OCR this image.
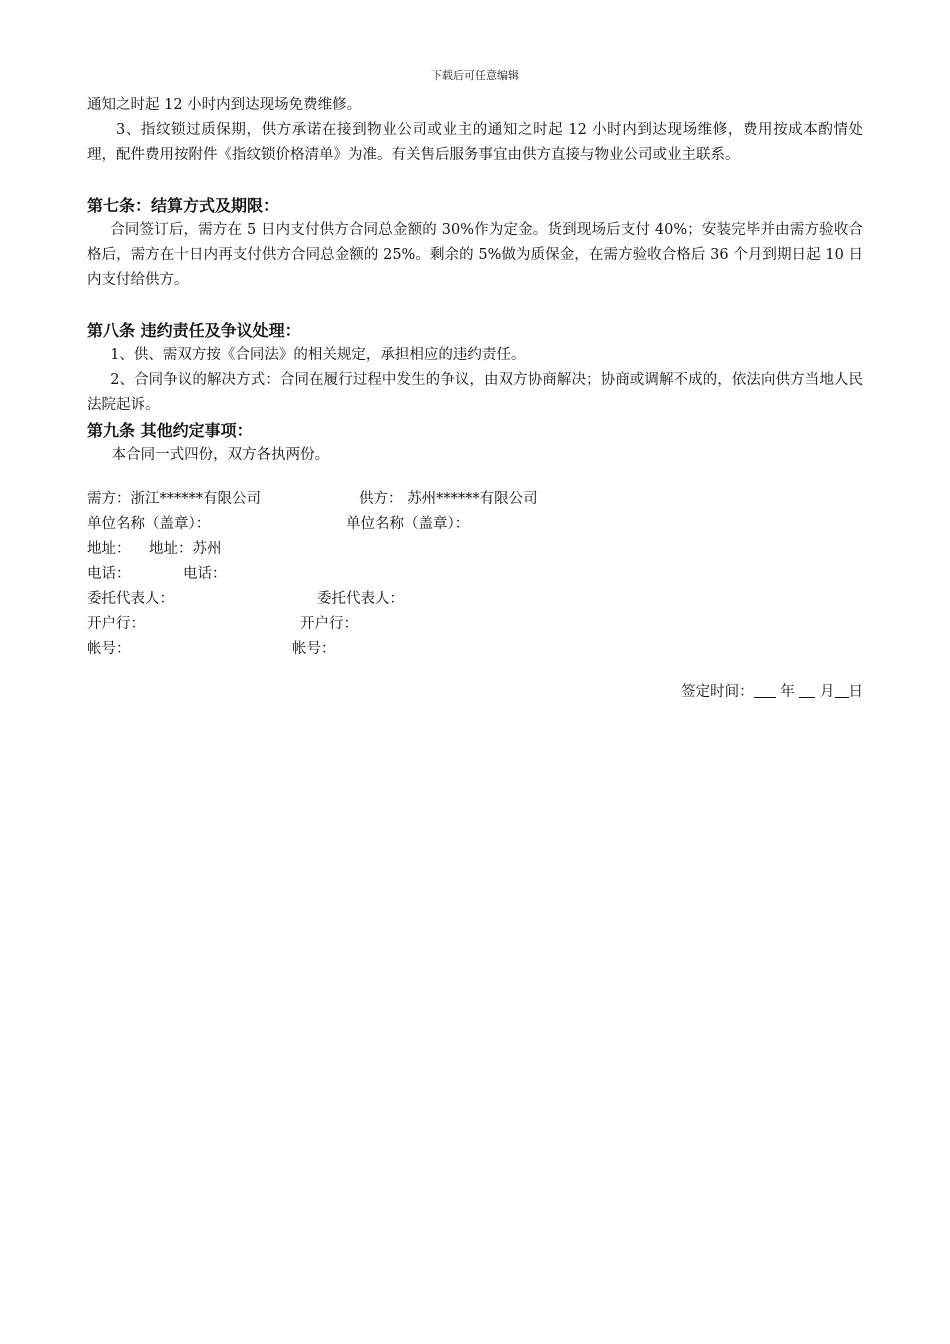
下载后可任意编辑
通知之时起 12 小时内到达现场免费维修。
3、指纹锁过质保期，供方承诺在接到物业公司或业主的通知之时起 12 小时内到达现场维修，费用按成本酌情处理，配件费用按附件《指纹锁价格清单》为准。有关售后服务事宜由供方直接与物业公司或业主联系。
第七条：结算方式及期限：
合同签订后，需方在 5 日内支付供方合同总金额的 30%作为定金。货到现场后支付 40%；安装完毕并由需方验收合格后，需方在十日内再支付供方合同总金额的 25%。剩余的 5%做为质保金，在需方验收合格后 36 个月到期日起 10 日内支付给供方。
第八条 违约责任及争议处理：
1、供、需双方按《合同法》的相关规定，承担相应的违约责任。
2、合同争议的解决方式：合同在履行过程中发生的争议，由双方协商解决；协商或调解不成的，依法向供方当地人民法院起诉。
第九条 其他约定事项：
本合同一式四份，双方各执两份。
需方：浙江******有限公司	供方： 苏州******有限公司
单位名称（盖章）：	单位名称（盖章）：
地址： 地址：苏州
电话：	电话：
委托代表人：	委托代表人：
开户行：	开户行：
帐号：	帐号：
签定时间： 年 月 日
